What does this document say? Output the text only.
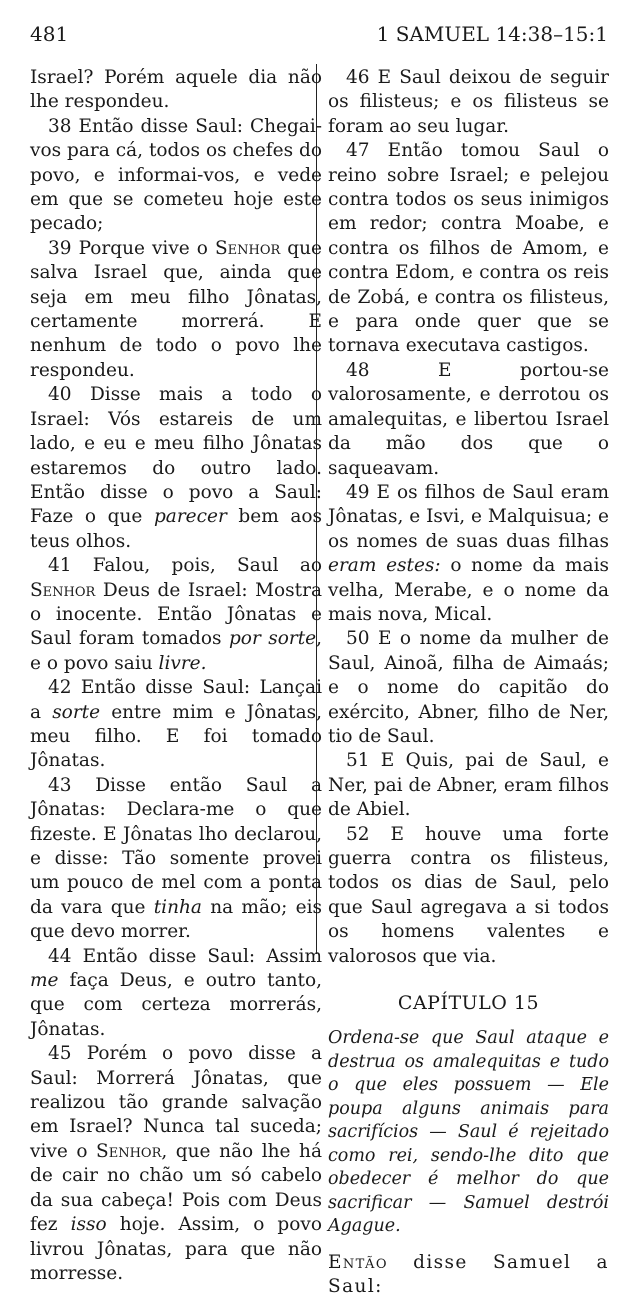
481	1 SAMUEL 14:38–15:1

Israel? Porém aquele dia não lhe respondeu.

38 Então disse Saul: Chegai-vos para cá, todos os chefes do povo, e informai-vos, e vede em que se cometeu hoje este pecado;

39 Porque vive o Senhor que salva Israel que, ainda que seja em meu filho Jônatas, certamente morrerá. E nenhum de todo o povo lhe respondeu.

40 Disse mais a todo o Israel: Vós estareis de um lado, e eu e meu filho Jônatas estaremos do outro lado. Então disse o povo a Saul: Faze o que parecer bem aos teus olhos.

41 Falou, pois, Saul ao Senhor Deus de Israel: Mostra o inocente. Então Jônatas e Saul foram tomados por sorte, e o povo saiu livre.

42 Então disse Saul: Lançai a sorte entre mim e Jônatas, meu filho. E foi tomado Jônatas.

43 Disse então Saul a Jônatas: Declara-me o que fizeste. E Jônatas lho declarou, e disse: Tão somente provei um pouco de mel com a ponta da vara que tinha na mão; eis que devo morrer.

44 Então disse Saul: Assim me faça Deus, e outro tanto, que com certeza morrerás, Jônatas.

45 Porém o povo disse a Saul: Morrerá Jônatas, que realizou tão grande salvação em Israel? Nunca tal suceda; vive o Senhor, que não lhe há de cair no chão um só cabelo da sua cabeça! Pois com Deus fez isso hoje. Assim, o povo livrou Jônatas, para que não morresse.

46 E Saul deixou de seguir os filisteus; e os filisteus se foram ao seu lugar.

47 Então tomou Saul o reino sobre Israel; e pelejou contra todos os seus inimigos em redor; contra Moabe, e contra os filhos de Amom, e contra Edom, e contra os reis de Zobá, e contra os filisteus, e para onde quer que se tornava executava castigos.

48 E portou-se valorosamente, e derrotou os amalequitas, e libertou Israel da mão dos que o saqueavam.

49 E os filhos de Saul eram Jônatas, e Isvi, e Malquisua; e os nomes de suas duas filhas eram estes: o nome da mais velha, Merabe, e o nome da mais nova, Mical.

50 E o nome da mulher de Saul, Ainoã, filha de Aimaás; e o nome do capitão do exército, Abner, filho de Ner, tio de Saul.

51 E Quis, pai de Saul, e Ner, pai de Abner, eram filhos de Abiel.

52 E houve uma forte guerra contra os filisteus, todos os dias de Saul, pelo que Saul agregava a si todos os homens valentes e valorosos que via.

CAPÍTULO 15

Ordena-se que Saul ataque e destrua os amalequitas e tudo o que eles possuem — Ele poupa alguns animais para sacrifícios — Saul é rejeitado como rei, sendo-lhe dito que obedecer é melhor do que sacrificar — Samuel destrói Agague.

Então disse Samuel a Saul:
